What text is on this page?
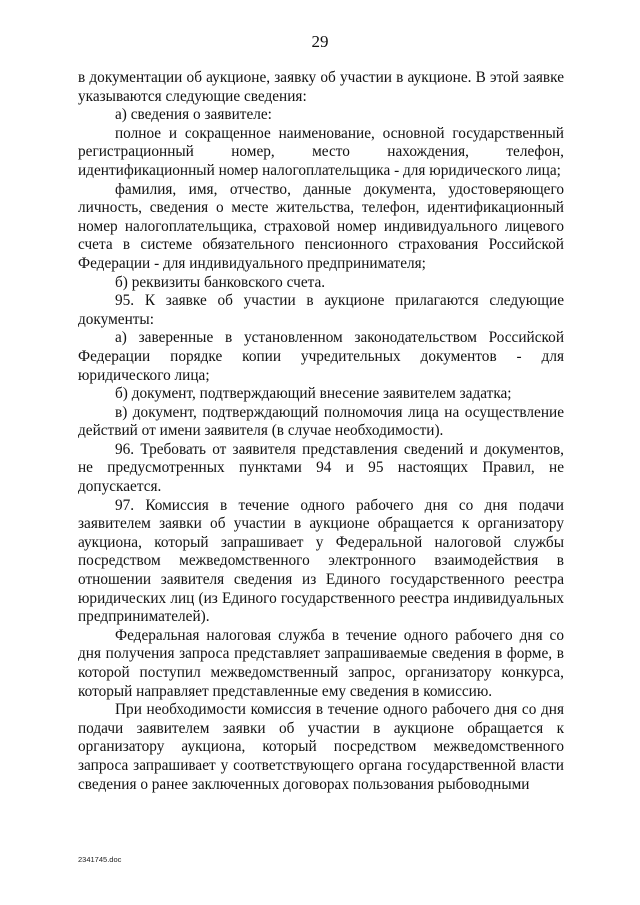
29

в документации об аукционе, заявку об участии в аукционе. В этой заявке указываются следующие сведения:

а) сведения о заявителе:

полное и сокращенное наименование, основной государственный регистрационный номер, место нахождения, телефон, идентификационный номер налогоплательщика - для юридического лица;

фамилия, имя, отчество, данные документа, удостоверяющего личность, сведения о месте жительства, телефон, идентификационный номер налогоплательщика, страховой номер индивидуального лицевого счета в системе обязательного пенсионного страхования Российской Федерации - для индивидуального предпринимателя;

б) реквизиты банковского счета.

95. К заявке об участии в аукционе прилагаются следующие документы:

а) заверенные в установленном законодательством Российской Федерации порядке копии учредительных документов - для юридического лица;

б) документ, подтверждающий внесение заявителем задатка;

в) документ, подтверждающий полномочия лица на осуществление действий от имени заявителя (в случае необходимости).

96. Требовать от заявителя представления сведений и документов, не предусмотренных пунктами 94 и 95 настоящих Правил, не допускается.

97. Комиссия в течение одного рабочего дня со дня подачи заявителем заявки об участии в аукционе обращается к организатору аукциона, который запрашивает у Федеральной налоговой службы посредством межведомственного электронного взаимодействия в отношении заявителя сведения из Единого государственного реестра юридических лиц (из Единого государственного реестра индивидуальных предпринимателей).

Федеральная налоговая служба в течение одного рабочего дня со дня получения запроса представляет запрашиваемые сведения в форме, в которой поступил межведомственный запрос, организатору конкурса, который направляет представленные ему сведения в комиссию.

При необходимости комиссия в течение одного рабочего дня со дня подачи заявителем заявки об участии в аукционе обращается к организатору аукциона, который посредством межведомственного запроса запрашивает у соответствующего органа государственной власти сведения о ранее заключенных договорах пользования рыбоводными

2341745.doc
